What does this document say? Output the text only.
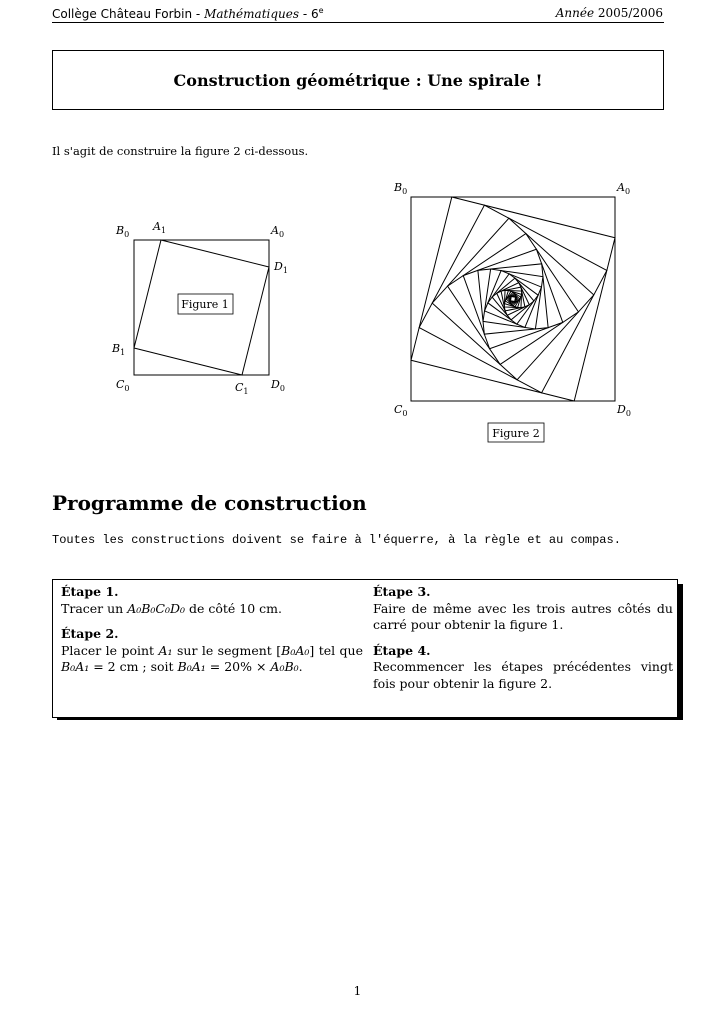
Collège Château Forbin - Mathématiques - 6e	Année 2005/2006
Construction géométrique : Une spirale !
Il s'agit de construire la figure 2 ci-dessous.
Figure 1
$B_0$
$A_1$	$A_0$
$D_1$
$B_1$
$C_0$	$C_1$
$D_0$
$B_0$	$A_0$
$C_0$	$D_0$
Figure 2
Programme de construction
Toutes les constructions doivent se faire à l'équerre, à la règle et au compas.
Étape 1.
Tracer un A₀B₀C₀D₀ de côté 10 cm.
Étape 2.
Placer le point A₁ sur le segment [B₀A₀] tel que B₀A₁ = 2 cm ; soit B₀A₁ = 20% × A₀B₀.
Étape 3.
Faire de même avec les trois autres côtés du carré pour obtenir la figure 1.
Étape 4.
Recommencer les étapes précédentes vingt fois pour obtenir la figure 2.
1
